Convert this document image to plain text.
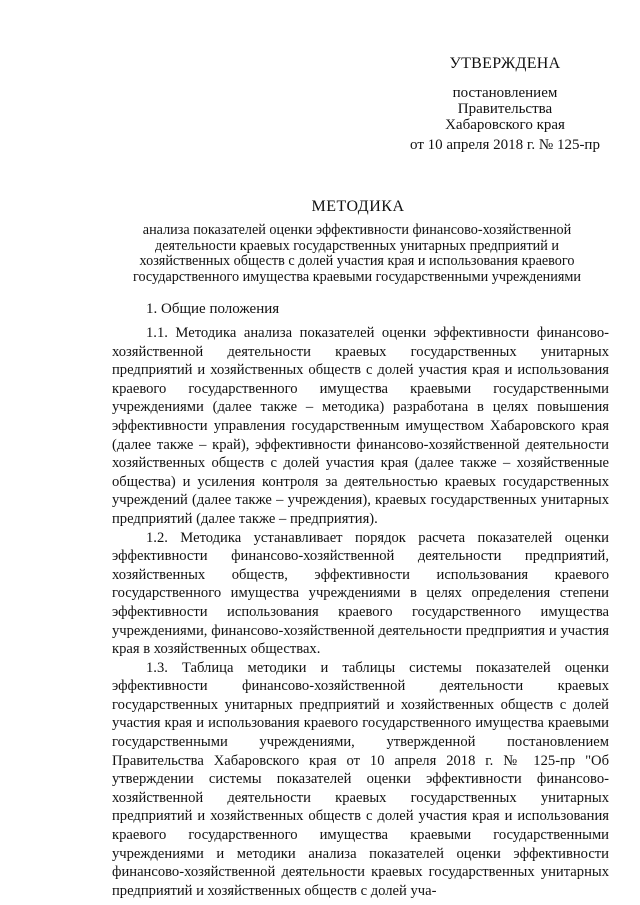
УТВЕРЖДЕНА
постановлением
Правительства
Хабаровского края
от 10 апреля 2018 г. № 125-пр
МЕТОДИКА
анализа показателей оценки эффективности финансово-хозяйственной деятельности краевых государственных унитарных предприятий и хозяйственных обществ с долей участия края и использования краевого государственного имущества краевыми государственными учреждениями
1. Общие положения

1.1. Методика анализа показателей оценки эффективности финансово-хозяйственной деятельности краевых государственных унитарных предприятий и хозяйственных обществ с долей участия края и использования краевого государственного имущества краевыми государственными учреждениями (далее также – методика) разработана в целях повышения эффективности управления государственным имуществом Хабаровского края (далее также – край), эффективности финансово-хозяйственной деятельности хозяйственных обществ с долей участия края (далее также – хозяйственные общества) и усиления контроля за деятельностью краевых государственных учреждений (далее также – учреждения), краевых государственных унитарных предприятий (далее также – предприятия).

1.2. Методика устанавливает порядок расчета показателей оценки эффективности финансово-хозяйственной деятельности предприятий, хозяйственных обществ, эффективности использования краевого государственного имущества учреждениями в целях определения степени эффективности использования краевого государственного имущества учреждениями, финансово-хозяйственной деятельности предприятия и участия края в хозяйственных обществах.

1.3. Таблица методики и таблицы системы показателей оценки эффективности финансово-хозяйственной деятельности краевых государственных унитарных предприятий и хозяйственных обществ с долей участия края и использования краевого государственного имущества краевыми государственными учреждениями, утвержденной постановлением Правительства Хабаровского края от 10 апреля 2018 г. № 125-пр "Об утверждении системы показателей оценки эффективности финансово-хозяйственной деятельности краевых государственных унитарных предприятий и хозяйственных обществ с долей участия края и использования краевого государственного имущества краевыми государственными учреждениями и методики анализа показателей оценки эффективности финансово-хозяйственной деятельности краевых государственных унитарных предприятий и хозяйственных обществ с долей уча-
